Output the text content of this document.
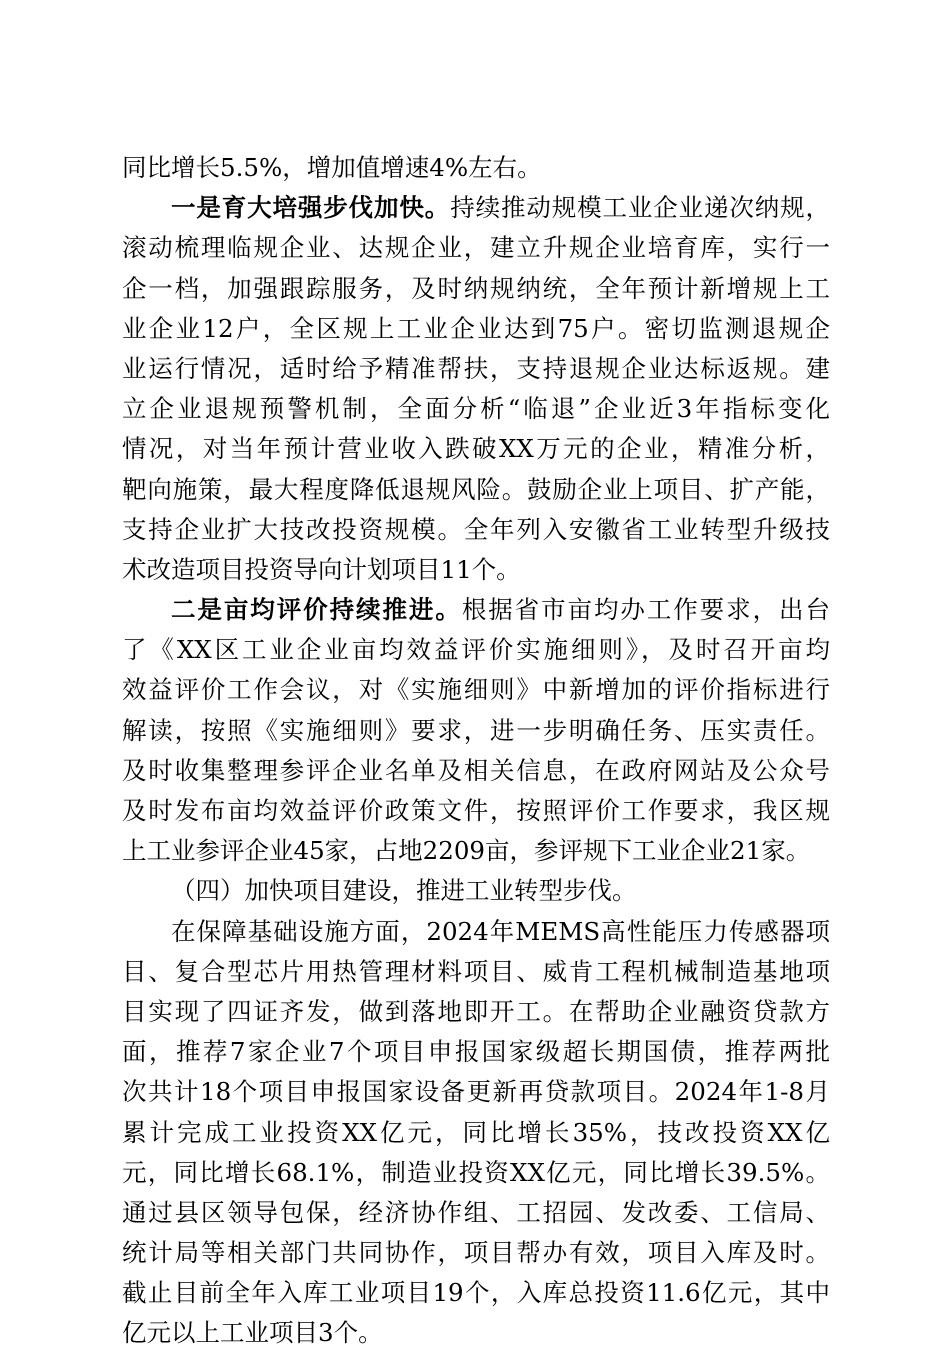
同比增长5.5%，增加值增速4%左右。
一是育大培强步伐加快。持续推动规模工业企业递次纳规，
滚动梳理临规企业、达规企业，建立升规企业培育库，实行一
企一档，加强跟踪服务，及时纳规纳统，全年预计新增规上工
业企业12户，全区规上工业企业达到75户。密切监测退规企
业运行情况，适时给予精准帮扶，支持退规企业达标返规。建
立企业退规预警机制，全面分析“临退”企业近3年指标变化
情况，对当年预计营业收入跌破XX万元的企业，精准分析，
靶向施策，最大程度降低退规风险。鼓励企业上项目、扩产能，
支持企业扩大技改投资规模。全年列入安徽省工业转型升级技
术改造项目投资导向计划项目11个。
二是亩均评价持续推进。根据省市亩均办工作要求，出台
了《XX区工业企业亩均效益评价实施细则》，及时召开亩均
效益评价工作会议，对《实施细则》中新增加的评价指标进行
解读，按照《实施细则》要求，进一步明确任务、压实责任。
及时收集整理参评企业名单及相关信息，在政府网站及公众号
及时发布亩均效益评价政策文件，按照评价工作要求，我区规
上工业参评企业45家，占地2209亩，参评规下工业企业21家。
（四）加快项目建设，推进工业转型步伐。
在保障基础设施方面，2024年MEMS高性能压力传感器项
目、复合型芯片用热管理材料项目、威肯工程机械制造基地项
目实现了四证齐发，做到落地即开工。在帮助企业融资贷款方
面，推荐7家企业7个项目申报国家级超长期国债，推荐两批
次共计18个项目申报国家设备更新再贷款项目。2024年1-8月
累计完成工业投资XX亿元，同比增长35%，技改投资XX亿
元，同比增长68.1%，制造业投资XX亿元，同比增长39.5%。
通过县区领导包保，经济协作组、工招园、发改委、工信局、
统计局等相关部门共同协作，项目帮办有效，项目入库及时。
截止目前全年入库工业项目19个，入库总投资11.6亿元，其中
亿元以上工业项目3个。
